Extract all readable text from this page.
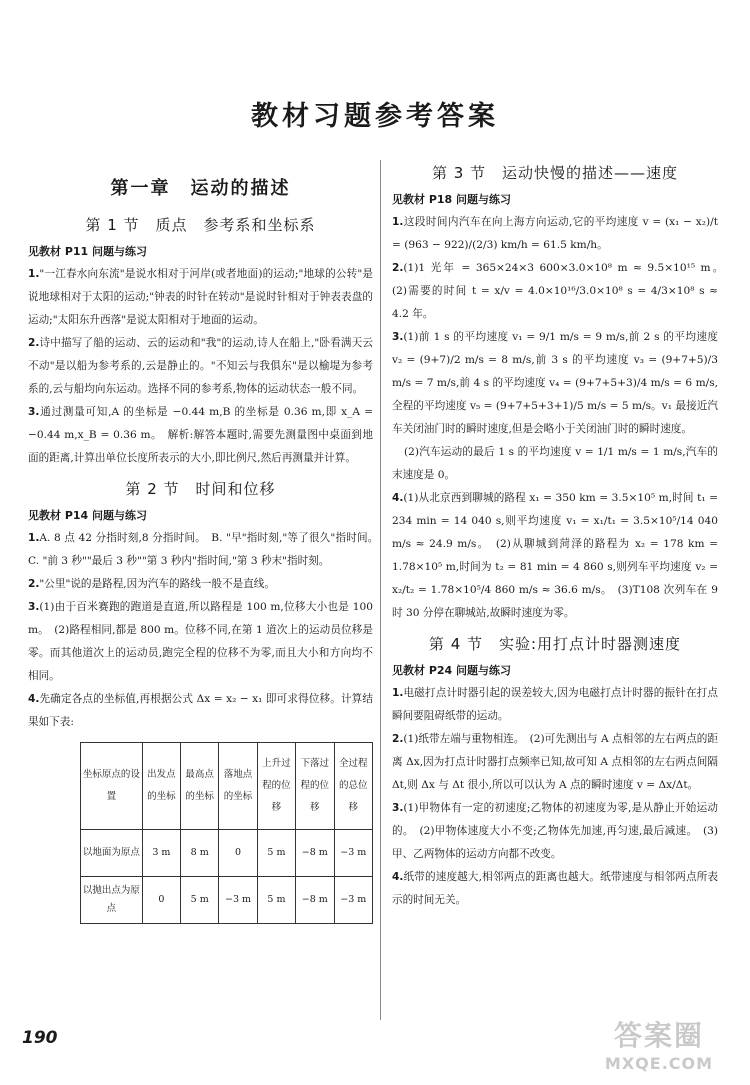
教材习题参考答案
第一章　运动的描述
第 1 节　质点　参考系和坐标系
见教材 P11 问题与练习

1."一江春水向东流"是说水相对于河岸(或者地面)的运动;"地球的公转"是说地球相对于太阳的运动;"钟表的时针在转动"是说时针相对于钟表表盘的运动;"太阳东升西落"是说太阳相对于地面的运动。

2.诗中描写了船的运动、云的运动和"我"的运动,诗人在船上,"卧看满天云不动"是以船为参考系的,云是静止的。"不知云与我俱东"是以榆堤为参考系的,云与船均向东运动。选择不同的参考系,物体的运动状态一般不同。

3.通过测量可知,A 的坐标是 −0.44 m,B 的坐标是 0.36 m,即 x_A = −0.44 m,x_B = 0.36 m。　解析:解答本题时,需要先测量图中桌面到地面的距离,计算出单位长度所表示的大小,即比例尺,然后再测量并计算。

第 2 节　时间和位移
见教材 P14 问题与练习

1.A. 8 点 42 分指时刻,8 分指时间。　B. "早"指时刻,"等了很久"指时间。　C. "前 3 秒""最后 3 秒""第 3 秒内"指时间,"第 3 秒末"指时刻。

2."公里"说的是路程,因为汽车的路线一般不是直线。

3.(1)由于百米赛跑的跑道是直道,所以路程是 100 m,位移大小也是 100 m。　(2)路程相同,都是 800 m。位移不同,在第 1 道次上的运动员位移是零。而其他道次上的运动员,跑完全程的位移不为零,而且大小和方向均不相同。

4.先确定各点的坐标值,再根据公式 Δx = x₂ − x₁ 即可求得位移。计算结果如下表:

坐标原点的设置	出发点的坐标	最高点的坐标	落地点的坐标	上升过程的位移	下落过程的位移	全过程的总位移
以地面为原点	3 m	8 m	0	5 m	−8 m	−3 m
以抛出点为原点	0	5 m	−3 m	5 m	−8 m	−3 m
第 3 节　运动快慢的描述——速度
见教材 P18 问题与练习

1.这段时间内汽车在向上海方向运动,它的平均速度 v = (x₁ − x₂)/t = (963 − 922)/(2/3) km/h = 61.5 km/h。

2.(1)1 光年 = 365×24×3 600×3.0×10⁸ m ≈ 9.5×10¹⁵ m。　(2)需要的时间 t = x/v = 4.0×10¹⁶/3.0×10⁸ s = 4/3×10⁸ s ≈ 4.2 年。

3.(1)前 1 s 的平均速度 v₁ = 9/1 m/s = 9 m/s,前 2 s 的平均速度 v₂ = (9+7)/2 m/s = 8 m/s,前 3 s 的平均速度 v₃ = (9+7+5)/3 m/s = 7 m/s,前 4 s 的平均速度 v₄ = (9+7+5+3)/4 m/s = 6 m/s,全程的平均速度 v₅ = (9+7+5+3+1)/5 m/s = 5 m/s。v₁ 最接近汽车关闭油门时的瞬时速度,但是会略小于关闭油门时的瞬时速度。

(2)汽车运动的最后 1 s 的平均速度 v = 1/1 m/s = 1 m/s,汽车的末速度是 0。

4.(1)从北京西到聊城的路程 x₁ = 350 km = 3.5×10⁵ m,时间 t₁ = 234 min = 14 040 s,则平均速度 v₁ = x₁/t₁ = 3.5×10⁵/14 040 m/s ≈ 24.9 m/s。　(2)从聊城到菏泽的路程为 x₂ = 178 km = 1.78×10⁵ m,时间为 t₂ = 81 min = 4 860 s,则列车平均速度 v₂ = x₂/t₂ = 1.78×10⁵/4 860 m/s ≈ 36.6 m/s。　(3)T108 次列车在 9 时 30 分停在聊城站,故瞬时速度为零。

第 4 节　实验:用打点计时器测速度
见教材 P24 问题与练习

1.电磁打点计时器引起的误差较大,因为电磁打点计时器的振针在打点瞬间要阻碍纸带的运动。

2.(1)纸带左端与重物相连。　(2)可先测出与 A 点相邻的左右两点的距离 Δx,因为打点计时器打点频率已知,故可知 A 点相邻的左右两点间隔 Δt,则 Δx 与 Δt 很小,所以可以认为 A 点的瞬时速度 v = Δx/Δt。

3.(1)甲物体有一定的初速度;乙物体的初速度为零,是从静止开始运动的。　(2)甲物体速度大小不变;乙物体先加速,再匀速,最后减速。　(3)甲、乙两物体的运动方向都不改变。

4.纸带的速度越大,相邻两点的距离也越大。纸带速度与相邻两点所表示的时间无关。

190	答案圈
MXQE.COM
